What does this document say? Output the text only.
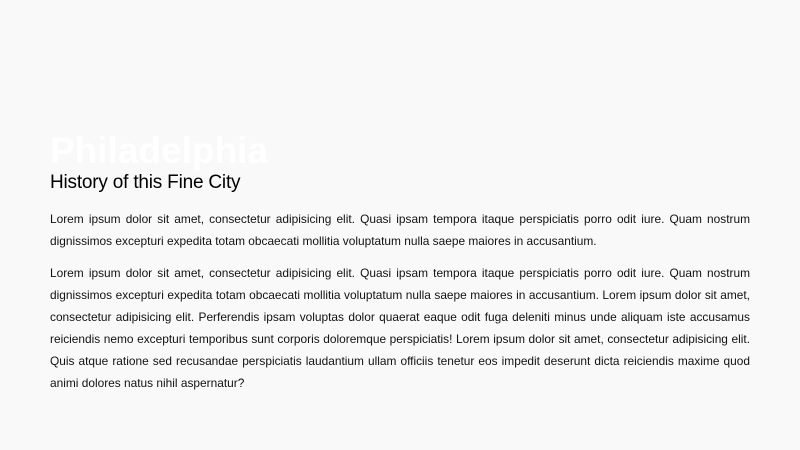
Philadelphia
History of this Fine City

Lorem ipsum dolor sit amet, consectetur adipisicing elit. Quasi ipsam tempora itaque perspiciatis porro odit iure. Quam nostrum dignissimos excepturi expedita totam obcaecati mollitia voluptatum nulla saepe maiores in accusantium.

Lorem ipsum dolor sit amet, consectetur adipisicing elit. Quasi ipsam tempora itaque perspiciatis porro odit iure. Quam nostrum dignissimos excepturi expedita totam obcaecati mollitia voluptatum nulla saepe maiores in accusantium. Lorem ipsum dolor sit amet, consectetur adipisicing elit. Perferendis ipsam voluptas dolor quaerat eaque odit fuga deleniti minus unde aliquam iste accusamus reiciendis nemo excepturi temporibus sunt corporis doloremque perspiciatis! Lorem ipsum dolor sit amet, consectetur adipisicing elit. Quis atque ratione sed recusandae perspiciatis laudantium ullam officiis tenetur eos impedit deserunt dicta reiciendis maxime quod animi dolores natus nihil aspernatur?
